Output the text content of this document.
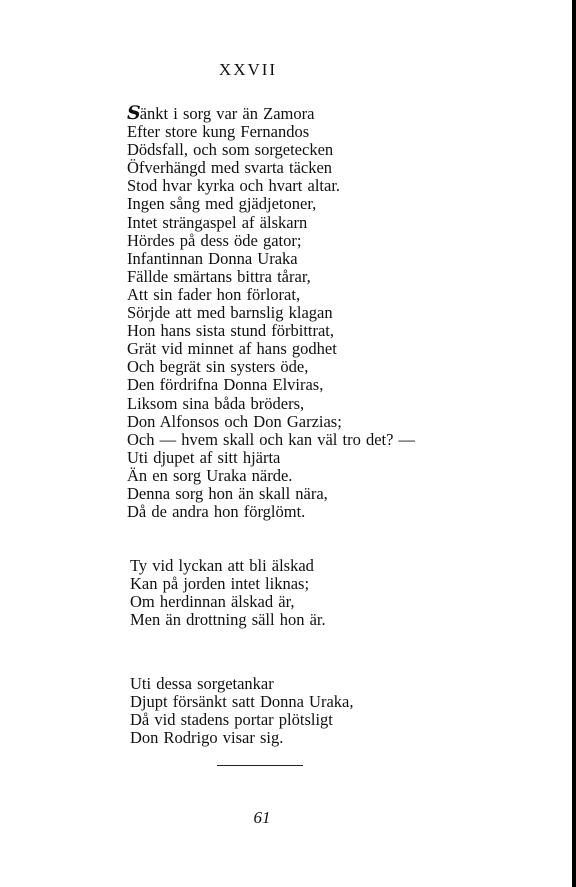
XXVII
Sänkt i sorg var än Zamora
Efter store kung Fernandos
Dödsfall, och som sorgetecken
Öfverhängd med svarta täcken
Stod hvar kyrka och hvart altar.
Ingen sång med gjädjetoner,
Intet strängaspel af älskarn
Hördes på dess öde gator;
Infantinnan Donna Uraka
Fällde smärtans bittra tårar,
Att sin fader hon förlorat,
Sörjde att med barnslig klagan
Hon hans sista stund förbittrat,
Grät vid minnet af hans godhet
Och begrät sin systers öde,
Den fördrifna Donna Elviras,
Liksom sina båda bröders,
Don Alfonsos och Don Garzias;
Och — hvem skall och kan väl tro det? —
Uti djupet af sitt hjärta
Än en sorg Uraka närde.
Denna sorg hon än skall nära,
Då de andra hon förglömt.
Ty vid lyckan att bli älskad
Kan på jorden intet liknas;
Om herdinnan älskad är,
Men än drottning säll hon är.
Uti dessa sorgetankar
Djupt försänkt satt Donna Uraka,
Då vid stadens portar plötsligt
Don Rodrigo visar sig.
61
